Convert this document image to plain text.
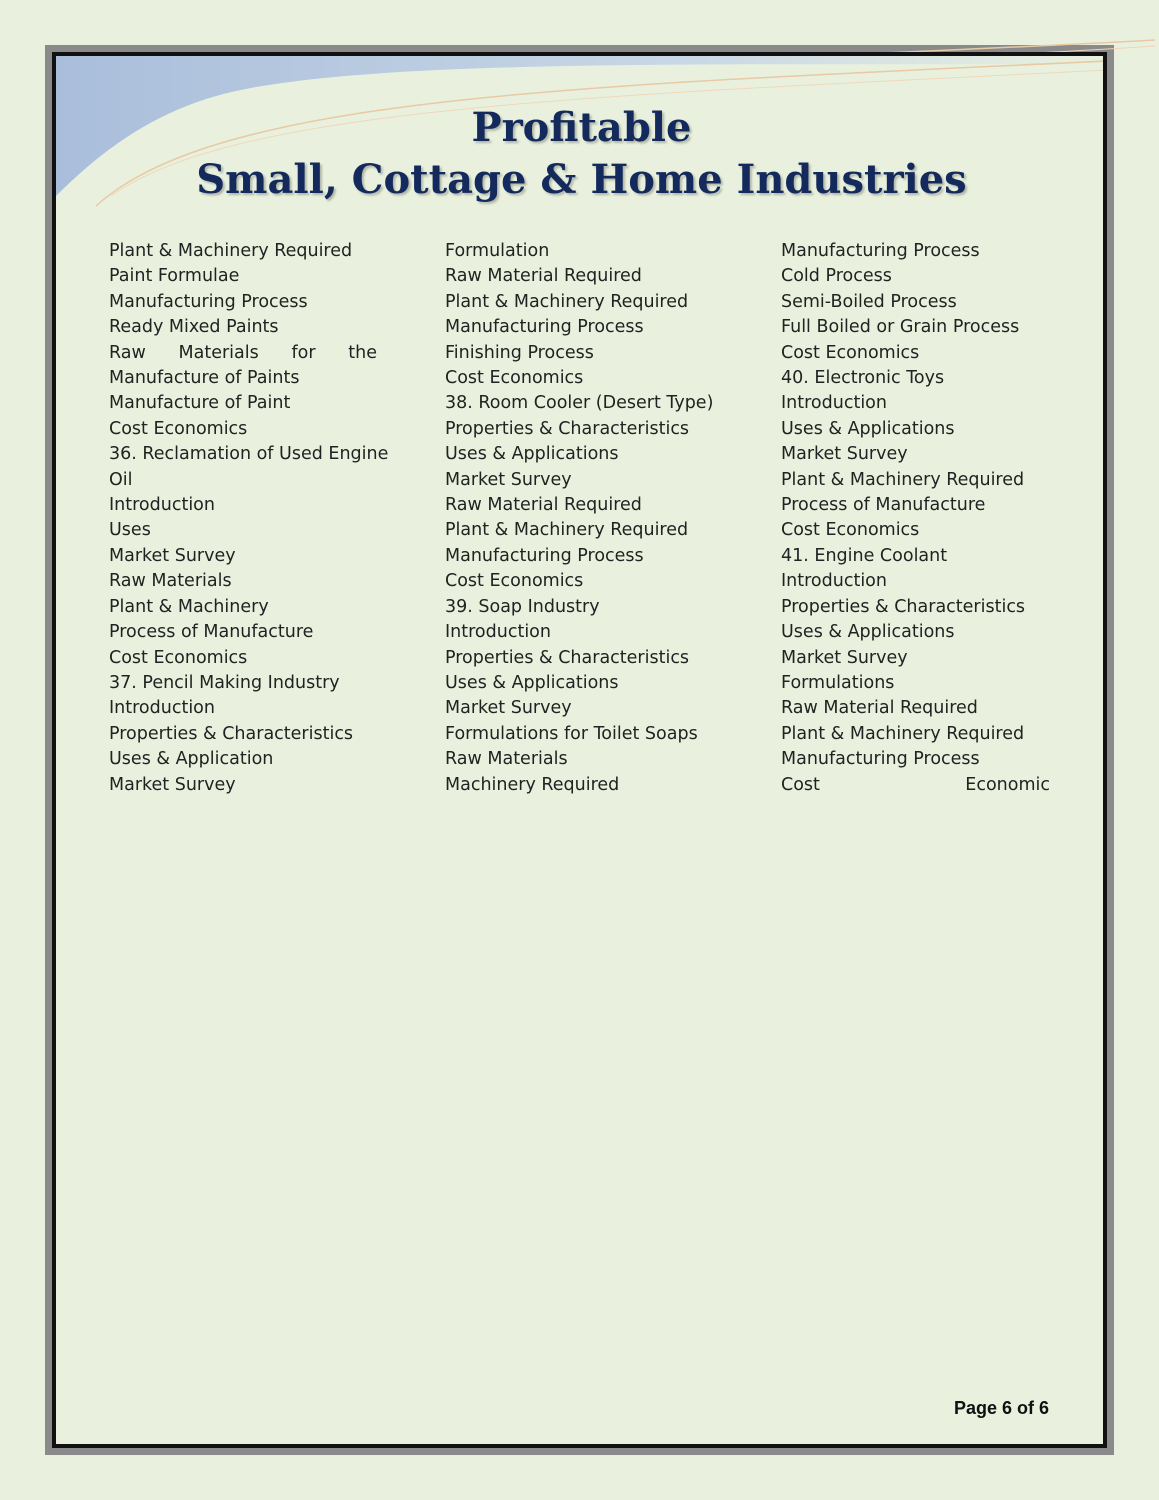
Profitable
Small, Cottage & Home Industries
Plant & Machinery Required
Paint Formulae
Manufacturing Process
Ready Mixed Paints
Raw Materials for the
Manufacture of Paints
Manufacture of Paint
Cost Economics
36. Reclamation of Used Engine
Oil
Introduction
Uses
Market Survey
Raw Materials
Plant & Machinery
Process of Manufacture
Cost Economics
37. Pencil Making Industry
Introduction
Properties & Characteristics
Uses & Application
Market Survey
Formulation
Raw Material Required
Plant & Machinery Required
Manufacturing Process
Finishing Process
Cost Economics
38. Room Cooler (Desert Type)
Properties & Characteristics
Uses & Applications
Market Survey
Raw Material Required
Plant & Machinery Required
Manufacturing Process
Cost Economics
39. Soap Industry
Introduction
Properties & Characteristics
Uses & Applications
Market Survey
Formulations for Toilet Soaps
Raw Materials
Machinery Required
Manufacturing Process
Cold Process
Semi-Boiled Process
Full Boiled or Grain Process
Cost Economics
40. Electronic Toys
Introduction
Uses & Applications
Market Survey
Plant & Machinery Required
Process of Manufacture
Cost Economics
41. Engine Coolant
Introduction
Properties & Characteristics
Uses & Applications
Market Survey
Formulations
Raw Material Required
Plant & Machinery Required
Manufacturing Process
Cost	Economic
Page 6 of 6
